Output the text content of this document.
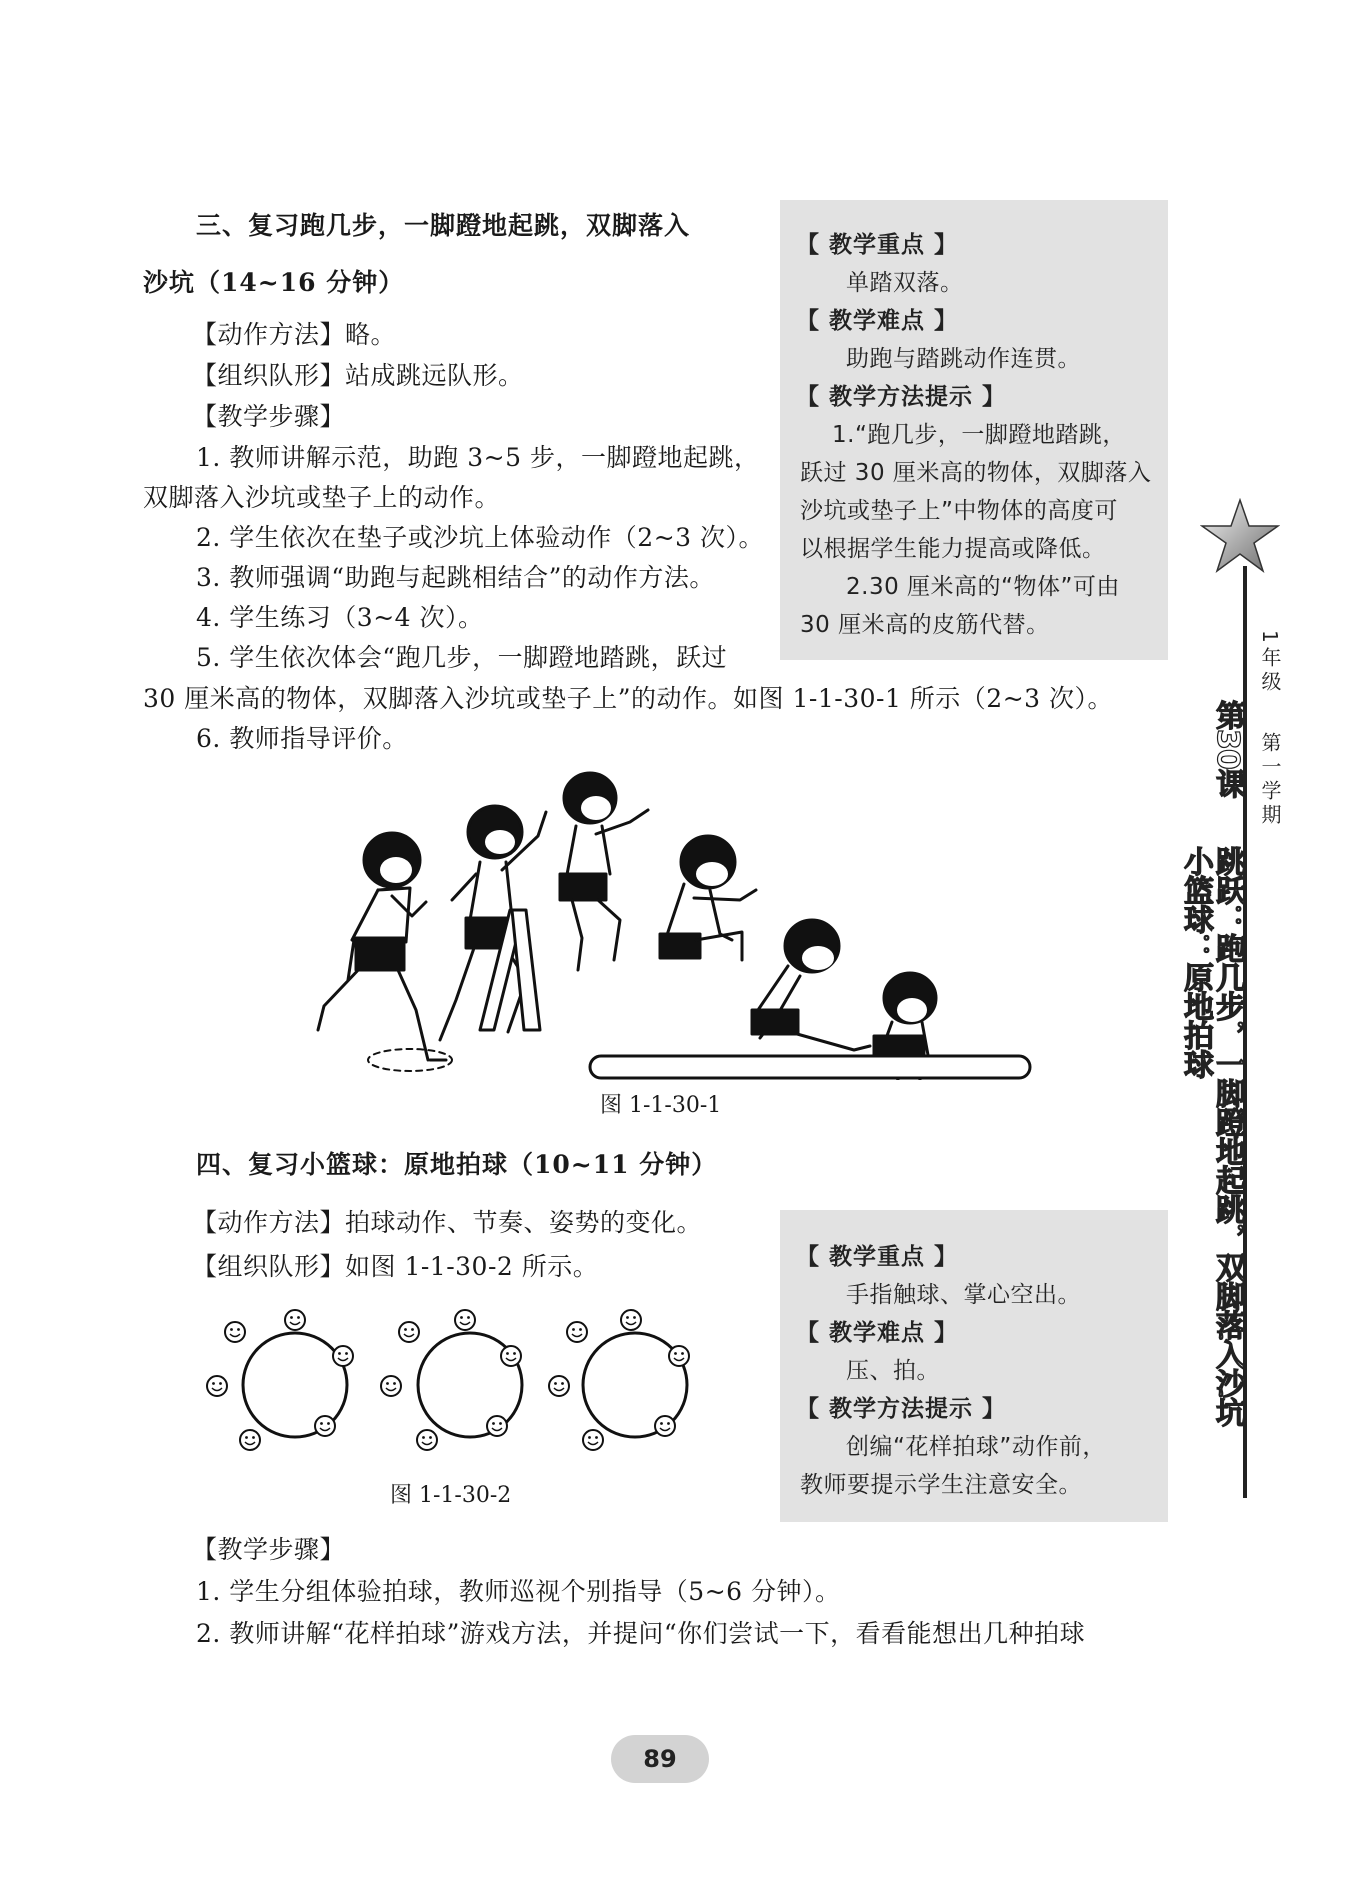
三、复习跑几步，一脚蹬地起跳，双脚落入
沙坑（14~16 分钟）
【动作方法】略。
【组织队形】站成跳远队形。
【教学步骤】
1. 教师讲解示范，助跑 3~5 步，一脚蹬地起跳，
双脚落入沙坑或垫子上的动作。
2. 学生依次在垫子或沙坑上体验动作（2~3 次）。
3. 教师强调“助跑与起跳相结合”的动作方法。
4. 学生练习（3~4 次）。
5. 学生依次体会“跑几步，一脚蹬地踏跳，跃过
30 厘米高的物体，双脚落入沙坑或垫子上”的动作。如图 1-1-30-1 所示（2~3 次）。
6. 教师指导评价。
【 教学重点 】
单踏双落。
【 教学难点 】
助跑与踏跳动作连贯。
【 教学方法提示 】
1.“跑几步，一脚蹬地踏跳，
跃过 30 厘米高的物体，双脚落入
沙坑或垫子上”中物体的高度可
以根据学生能力提高或降低。
2.30 厘米高的“物体”可由
30 厘米高的皮筋代替。
图 1-1-30-1
四、复习小篮球：原地拍球（10~11 分钟）
【动作方法】拍球动作、节奏、姿势的变化。
【组织队形】如图 1-1-30-2 所示。
图 1-1-30-2
【教学步骤】
1. 学生分组体验拍球，教师巡视个别指导（5~6 分钟）。
2. 教师讲解“花样拍球”游戏方法，并提问“你们尝试一下，看看能想出几种拍球
【 教学重点 】
手指触球、掌心空出。
【 教学难点 】
压、拍。
【 教学方法提示 】
创编“花样拍球”动作前，
教师要提示学生注意安全。
1年级
第一学期
第30课
跳跃：跑几步，一脚蹬地起跳，双脚落入沙坑
小篮球：原地拍球
89
